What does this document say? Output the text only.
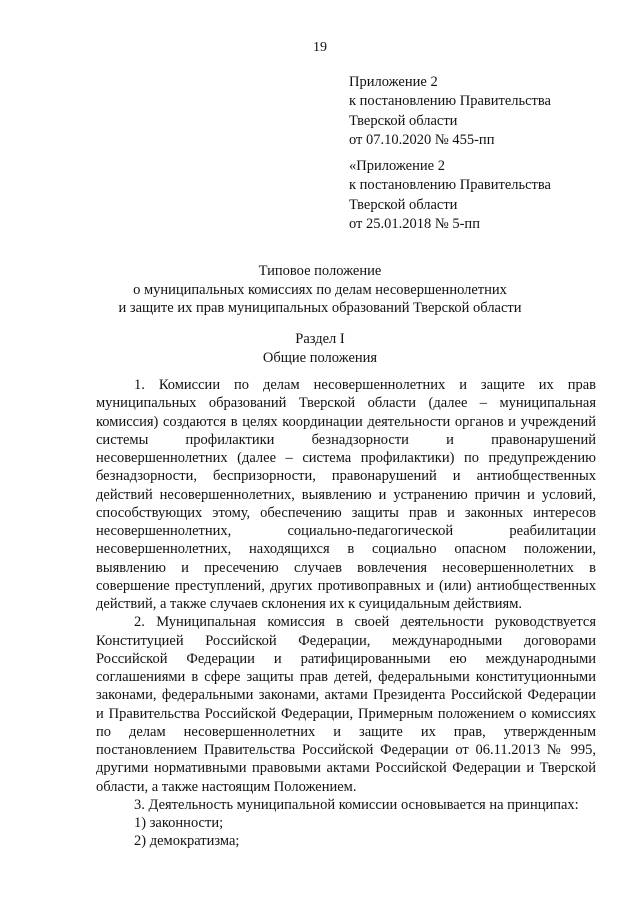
19
Приложение 2
к постановлению Правительства
Тверской области
от 07.10.2020 № 455-пп
«Приложение 2
к постановлению Правительства
Тверской области
от 25.01.2018 № 5-пп
Типовое положение
о муниципальных комиссиях по делам несовершеннолетних
и защите их прав муниципальных образований Тверской области
Раздел I
Общие положения

1. Комиссии по делам несовершеннолетних и защите их прав муниципальных образований Тверской области (далее – муниципальная комиссия) создаются в целях координации деятельности органов и учреждений системы профилактики безнадзорности и правонарушений несовершеннолетних (далее – система профилактики) по предупреждению безнадзорности, беспризорности, правонарушений и антиобщественных действий несовершеннолетних, выявлению и устранению причин и условий, способствующих этому, обеспечению защиты прав и законных интересов несовершеннолетних, социально-педагогической реабилитации несовершеннолетних, находящихся в социально опасном положении, выявлению и пресечению случаев вовлечения несовершеннолетних в совершение преступлений, других противоправных и (или) антиобщественных действий, а также случаев склонения их к суицидальным действиям.

2. Муниципальная комиссия в своей деятельности руководствуется Конституцией Российской Федерации, международными договорами Российской Федерации и ратифицированными ею международными соглашениями в сфере защиты прав детей, федеральными конституционными законами, федеральными законами, актами Президента Российской Федерации и Правительства Российской Федерации, Примерным положением о комиссиях по делам несовершеннолетних и защите их прав, утвержденным постановлением Правительства Российской Федерации от 06.11.2013 № 995, другими нормативными правовыми актами Российской Федерации и Тверской области, а также настоящим Положением.

3. Деятельность муниципальной комиссии основывается на принципах:

1) законности;

2) демократизма;
